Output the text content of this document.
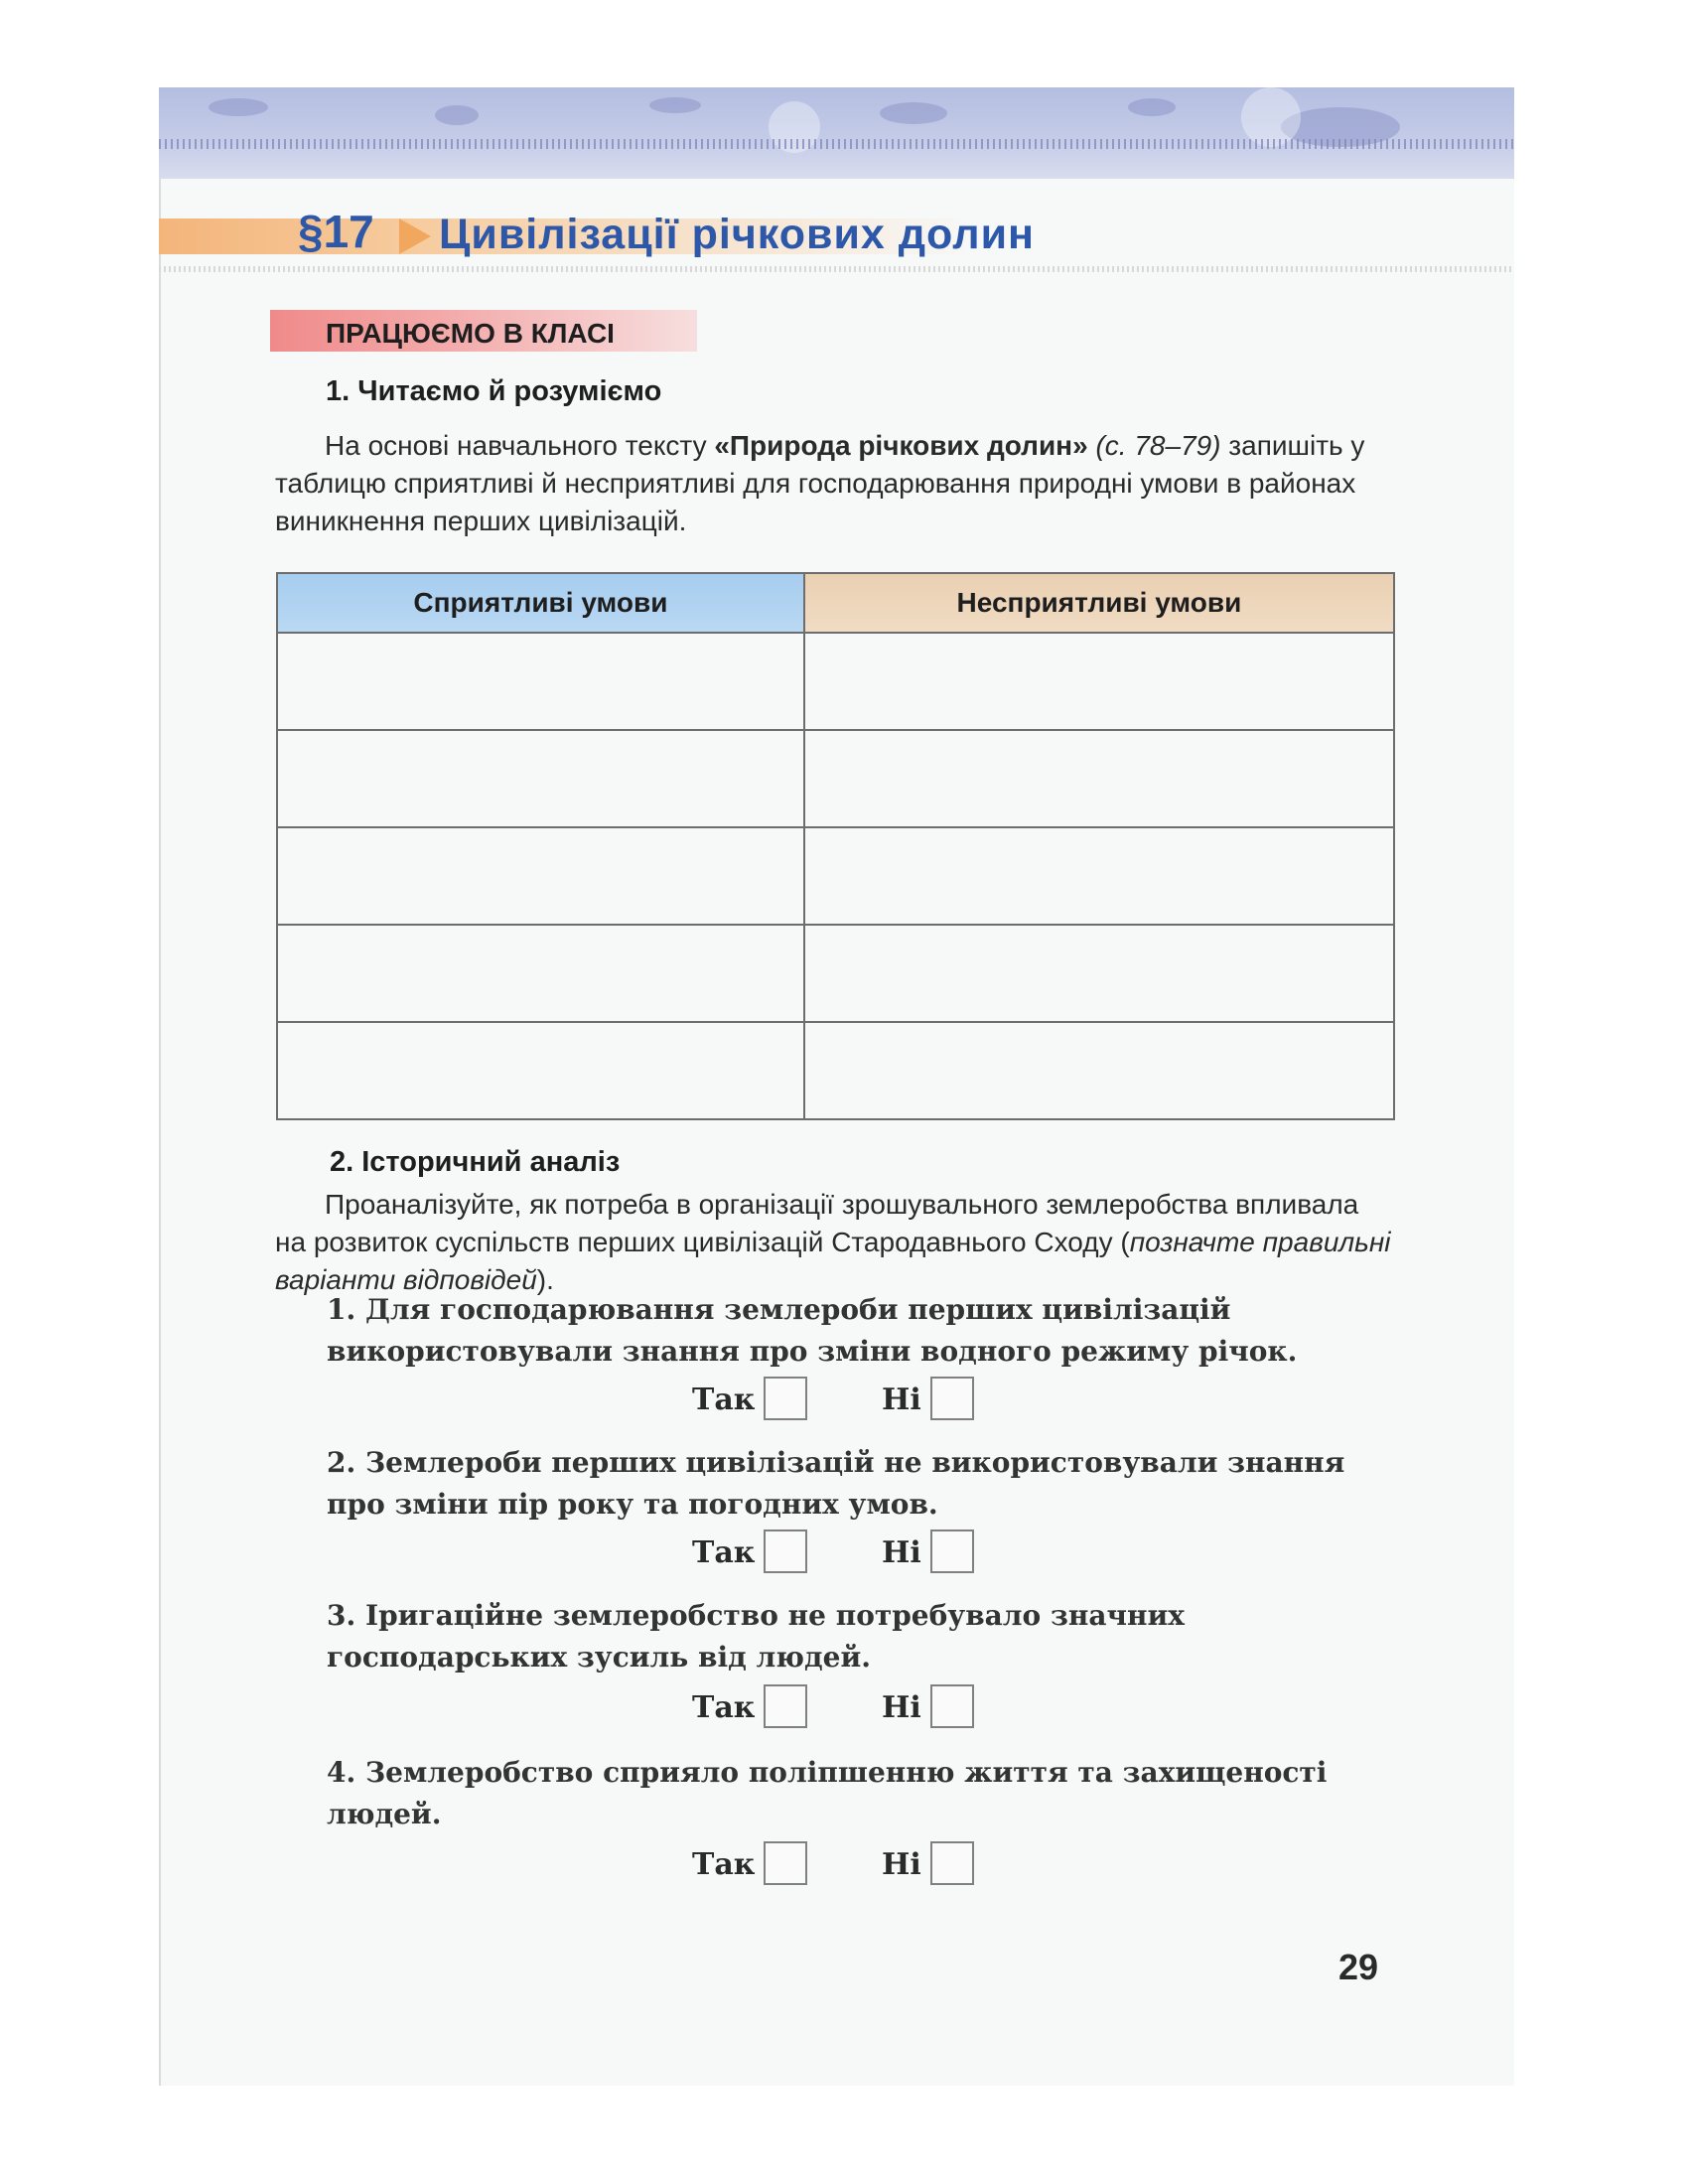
§17 Цивілізації річкових долин
ПРАЦЮЄМО В КЛАСІ
1. Читаємо й розуміємо
На основі навчального тексту «Природа річкових долин» (с. 78–79) запишіть у таблицю сприятливі й несприятливі для господарювання природні умови в районах виникнення перших цивілізацій.
Сприятливі умови	Несприятливі умови

2. Історичний аналіз
Проаналізуйте, як потреба в організації зрошувального землеробства впливала на розвиток суспільств перших цивілізацій Стародавнього Сходу (позначте правильні варіанти відповідей).
1. Для господарювання землероби перших цивілізацій використовували знання про зміни водного режиму річок.
Так	Ні
2. Землероби перших цивілізацій не використовували знання про зміни пір року та погодних умов.
Так	Ні
3. Іригаційне землеробство не потребувало значних господарських зусиль від людей.
Так	Ні
4. Землеробство сприяло поліпшенню життя та захищеності людей.
Так	Ні
29
